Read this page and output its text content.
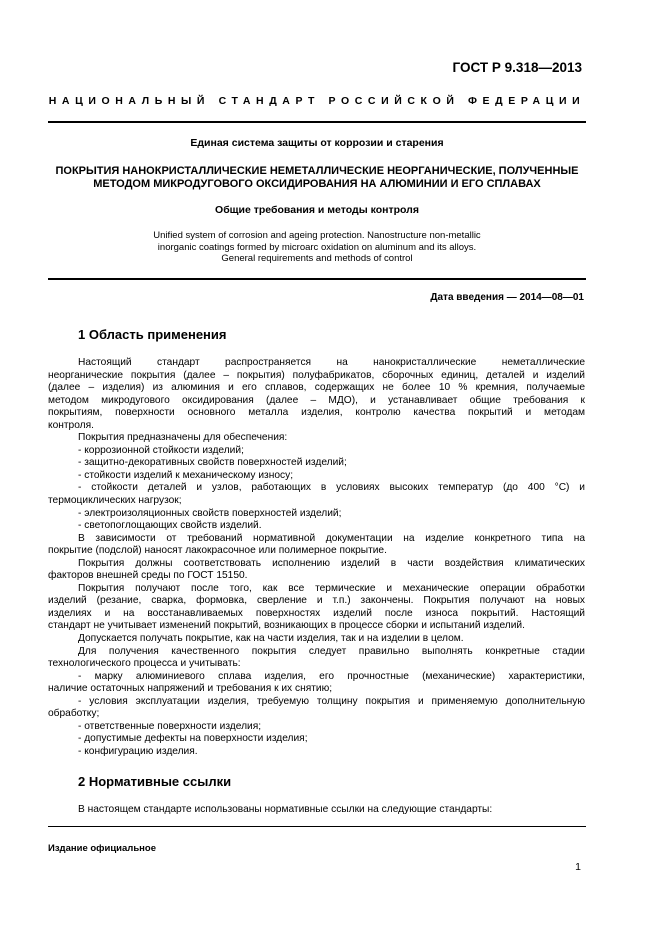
ГОСТ Р 9.318—2013
НАЦИОНАЛЬНЫЙ СТАНДАРТ РОССИЙСКОЙ ФЕДЕРАЦИИ
Единая система защиты от коррозии и старения
ПОКРЫТИЯ НАНОКРИСТАЛЛИЧЕСКИЕ НЕМЕТАЛЛИЧЕСКИЕ НЕОРГАНИЧЕСКИЕ, ПОЛУЧЕННЫЕ
МЕТОДОМ МИКРОДУГОВОГО ОКСИДИРОВАНИЯ НА АЛЮМИНИИ И ЕГО СПЛАВАХ
Общие требования и методы контроля
Unified system of corrosion and ageing protection. Nanostructure non-metallic
inorganic coatings formed by microarc oxidation on aluminum and its alloys.
General requirements and methods of control
Дата введения — 2014—08—01
1 Область применения

Настоящий стандарт распространяется на нанокристаллические неметаллические

неорганические покрытия (далее – покрытия) полуфабрикатов, сборочных единиц, деталей и изделий

(далее – изделия) из алюминия и его сплавов, содержащих не более 10 % кремния, получаемые

методом микродугового оксидирования (далее – МДО), и устанавливает общие требования к

покрытиям, поверхности основного металла изделия, контролю качества покрытий и методам

контроля.

Покрытия предназначены для обеспечения:

- коррозионной стойкости изделий;

- защитно-декоративных свойств поверхностей изделий;

- стойкости изделий к механическому износу;

- стойкости деталей и узлов, работающих в условиях высоких температур (до 400 °С) и

термоциклических нагрузок;

- электроизоляционных свойств поверхностей изделий;

- светопоглощающих свойств изделий.

В зависимости от требований нормативной документации на изделие конкретного типа на

покрытие (подслой) наносят лакокрасочное или полимерное покрытие.

Покрытия должны соответствовать исполнению изделий в части воздействия климатических

факторов внешней среды по ГОСТ 15150.

Покрытия получают после того, как все термические и механические операции обработки

изделий (резание, сварка, формовка, сверление и т.п.) закончены. Покрытия получают на новых

изделиях и на восстанавливаемых поверхностях изделий после износа покрытий. Настоящий

стандарт не учитывает изменений покрытий, возникающих в процессе сборки и испытаний изделий.

Допускается получать покрытие, как на части изделия, так и на изделии в целом.

Для получения качественного покрытия следует правильно выполнять конкретные стадии

технологического процесса и учитывать:

- марку алюминиевого сплава изделия, его прочностные (механические) характеристики,

наличие остаточных напряжений и требования к их снятию;

- условия эксплуатации изделия, требуемую толщину покрытия и применяемую дополнительную

обработку;

- ответственные поверхности изделия;

- допустимые дефекты на поверхности изделия;

- конфигурацию изделия.

2 Нормативные ссылки
В настоящем стандарте использованы нормативные ссылки на следующие стандарты:
Издание официальное
1
